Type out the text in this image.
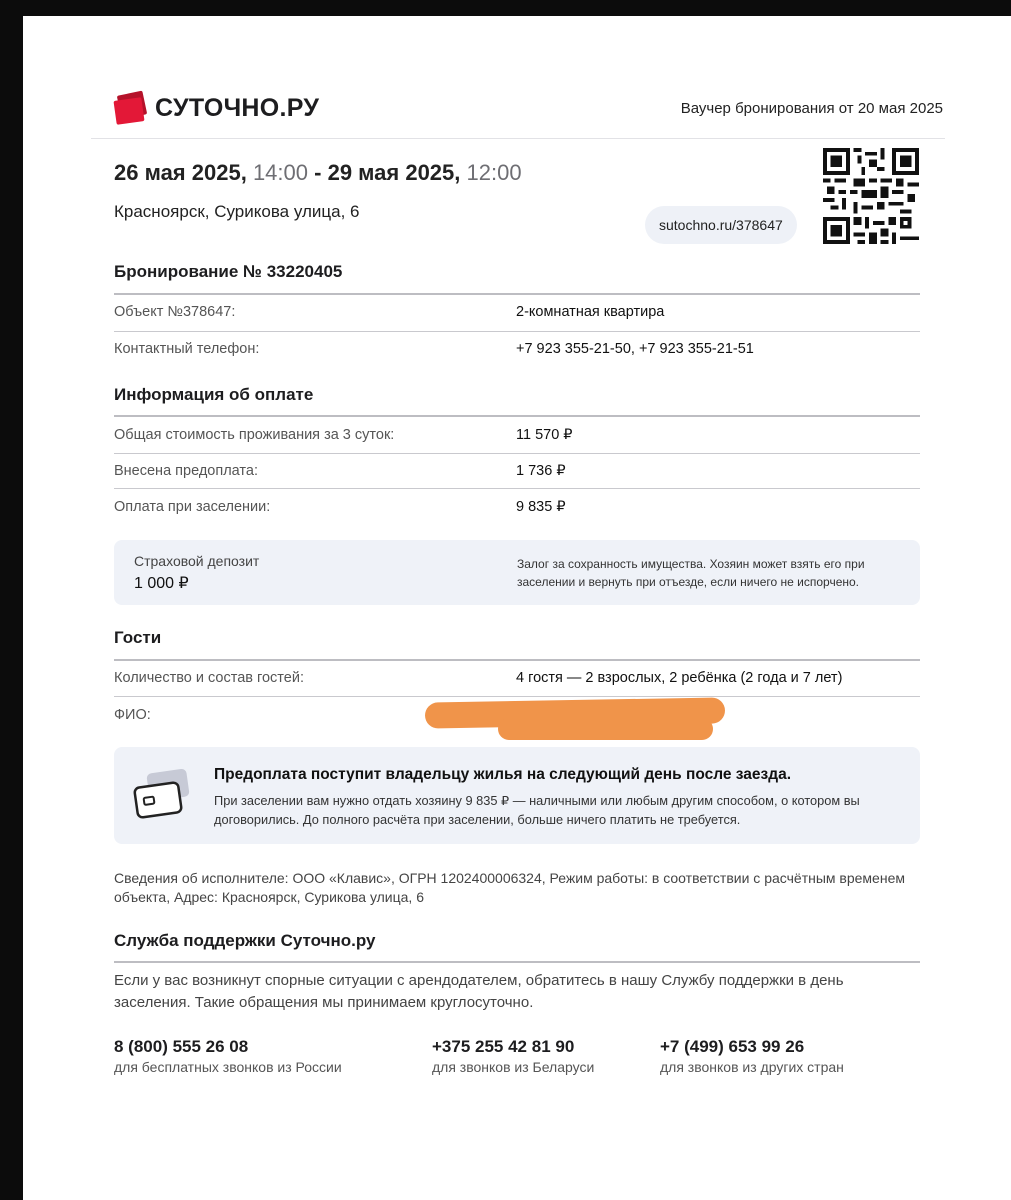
СУТОЧНО.РУ	Ваучер бронирования от 20 мая 2025
26 мая 2025, 14:00 - 29 мая 2025, 12:00
Красноярск, Сурикова улица, 6
sutochno.ru/378647
Бронирование № 33220405
Объект №378647:	2-комнатная квартира
Контактный телефон:	+7 923 355-21-50, +7 923 355-21-51
Информация об оплате
Общая стоимость проживания за 3 суток:	11 570 ₽
Внесена предоплата:	1 736 ₽
Оплата при заселении:	9 835 ₽
Страховой депозит
1 000 ₽
Залог за сохранность имущества. Хозяин может взять его при заселении и вернуть при отъезде, если ничего не испорчено.
Гости
Количество и состав гостей:	4 гостя — 2 взрослых, 2 ребёнка (2 года и 7 лет)
ФИО:
Предоплата поступит владельцу жилья на следующий день после заезда.
При заселении вам нужно отдать хозяину 9 835 ₽ — наличными или любым другим способом, о котором вы договорились. До полного расчёта при заселении, больше ничего платить не требуется.
Сведения об исполнителе: ООО «Клавис», ОГРН 1202400006324, Режим работы: в соответствии с расчётным временем объекта, Адрес: Красноярск, Сурикова улица, 6
Служба поддержки Суточно.ру
Если у вас возникнут спорные ситуации с арендодателем, обратитесь в нашу Службу поддержки в день заселения. Такие обращения мы принимаем круглосуточно.
8 (800) 555 26 08
для бесплатных звонков из России
+375 255 42 81 90
для звонков из Беларуси
+7 (499) 653 99 26
для звонков из других стран
